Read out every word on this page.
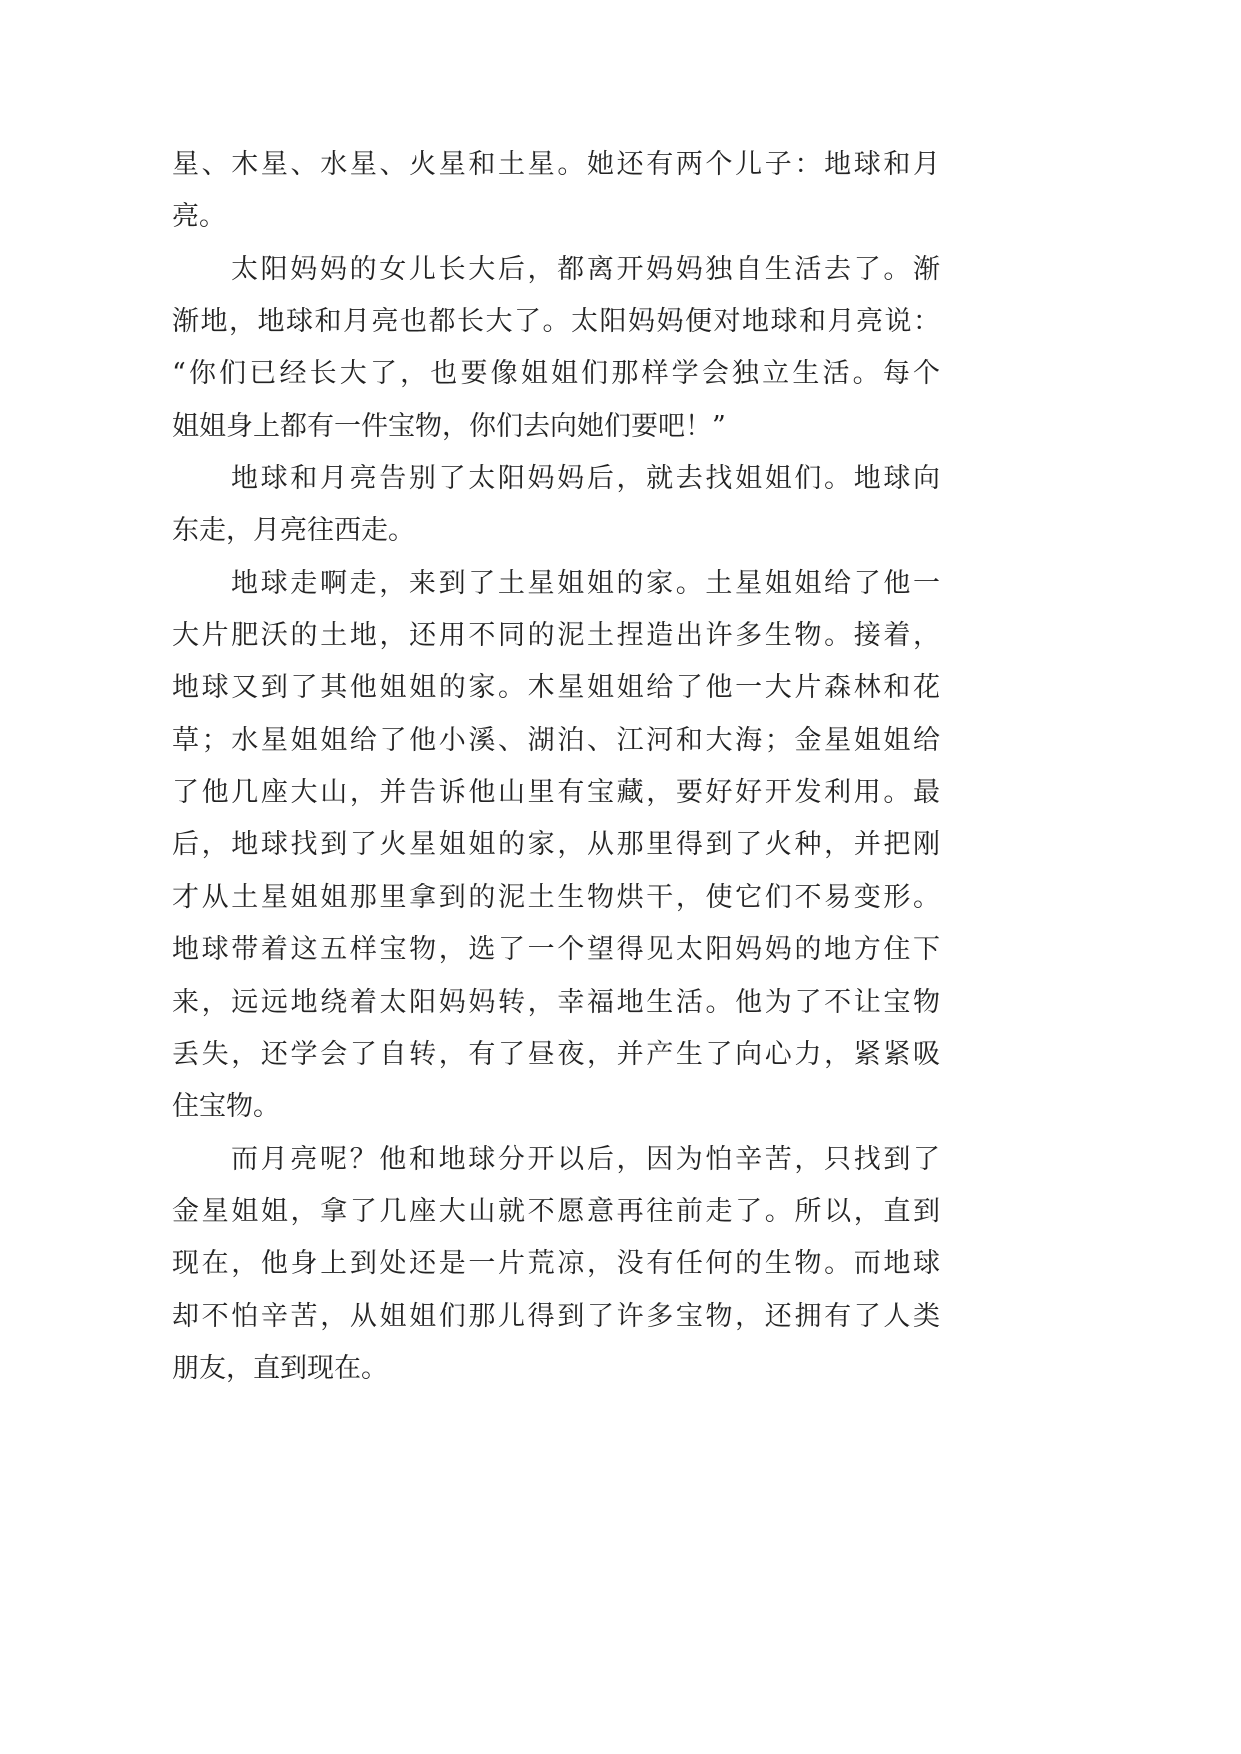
星、木星、水星、火星和土星。她还有两个儿子：地球和月
亮。
太阳妈妈的女儿长大后，都离开妈妈独自生活去了。渐
渐地，地球和月亮也都长大了。太阳妈妈便对地球和月亮说：
“你们已经长大了，也要像姐姐们那样学会独立生活。每个
姐姐身上都有一件宝物，你们去向她们要吧！”
地球和月亮告别了太阳妈妈后，就去找姐姐们。地球向
东走，月亮往西走。
地球走啊走，来到了土星姐姐的家。土星姐姐给了他一
大片肥沃的土地，还用不同的泥土捏造出许多生物。接着，
地球又到了其他姐姐的家。木星姐姐给了他一大片森林和花
草；水星姐姐给了他小溪、湖泊、江河和大海；金星姐姐给
了他几座大山，并告诉他山里有宝藏，要好好开发利用。最
后，地球找到了火星姐姐的家，从那里得到了火种，并把刚
才从土星姐姐那里拿到的泥土生物烘干，使它们不易变形。
地球带着这五样宝物，选了一个望得见太阳妈妈的地方住下
来，远远地绕着太阳妈妈转，幸福地生活。他为了不让宝物
丢失，还学会了自转，有了昼夜，并产生了向心力，紧紧吸
住宝物。
而月亮呢？他和地球分开以后，因为怕辛苦，只找到了
金星姐姐，拿了几座大山就不愿意再往前走了。所以，直到
现在，他身上到处还是一片荒凉，没有任何的生物。而地球
却不怕辛苦，从姐姐们那儿得到了许多宝物，还拥有了人类
朋友，直到现在。
